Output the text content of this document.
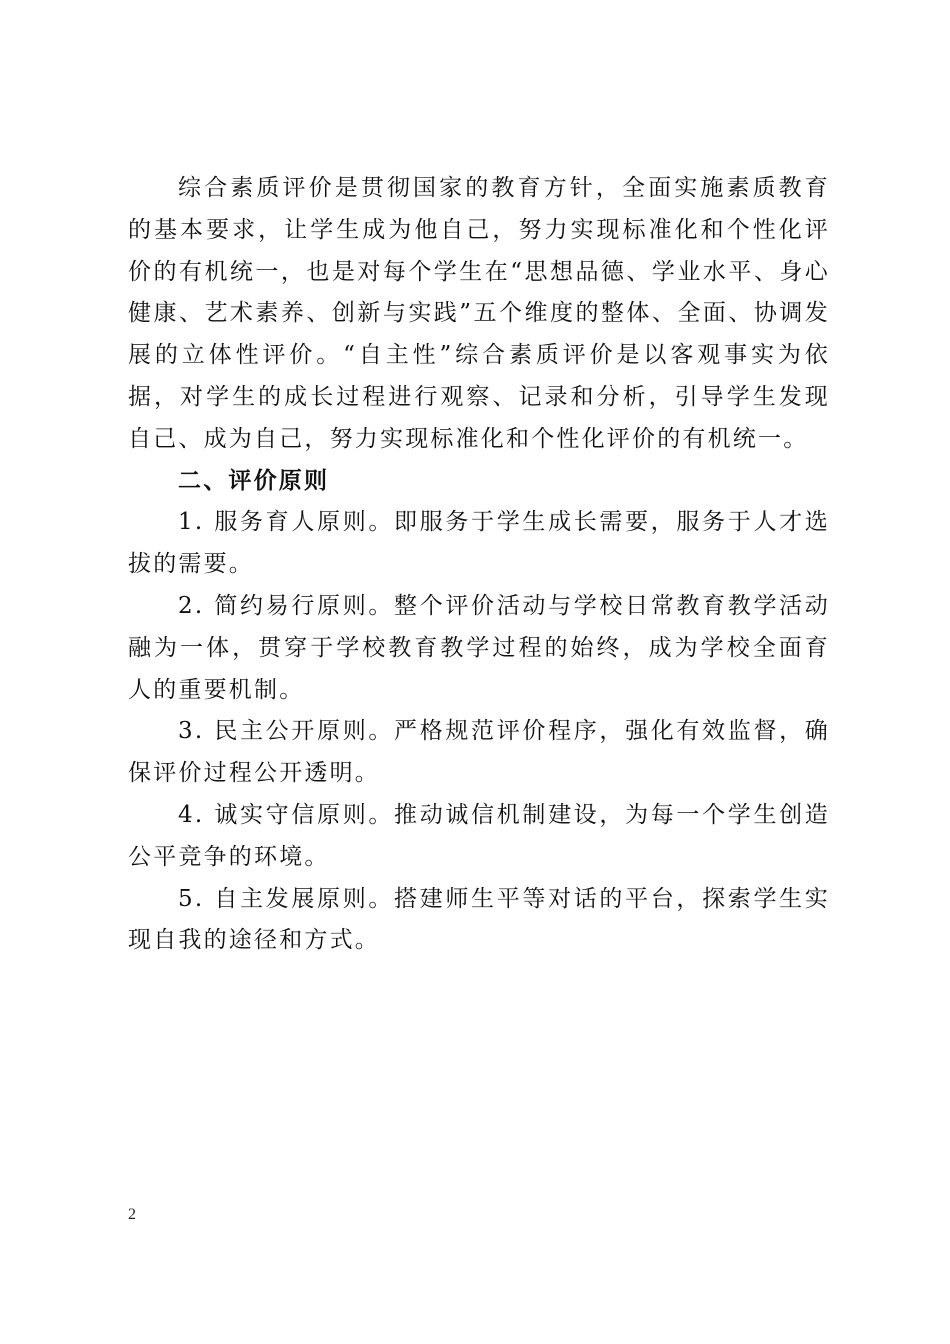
综合素质评价是贯彻国家的教育方针，全面实施素质教育的基本要求，让学生成为他自己，努力实现标准化和个性化评价的有机统一，也是对每个学生在“思想品德、学业水平、身心健康、艺术素养、创新与实践”五个维度的整体、全面、协调发展的立体性评价。“自主性”综合素质评价是以客观事实为依据，对学生的成长过程进行观察、记录和分析，引导学生发现自己、成为自己，努力实现标准化和个性化评价的有机统一。

二、评价原则

1. 服务育人原则。即服务于学生成长需要，服务于人才选拔的需要。

2. 简约易行原则。整个评价活动与学校日常教育教学活动融为一体，贯穿于学校教育教学过程的始终，成为学校全面育人的重要机制。

3. 民主公开原则。严格规范评价程序，强化有效监督，确保评价过程公开透明。

4. 诚实守信原则。推动诚信机制建设，为每一个学生创造公平竞争的环境。

5. 自主发展原则。搭建师生平等对话的平台，探索学生实现自我的途径和方式。

2
